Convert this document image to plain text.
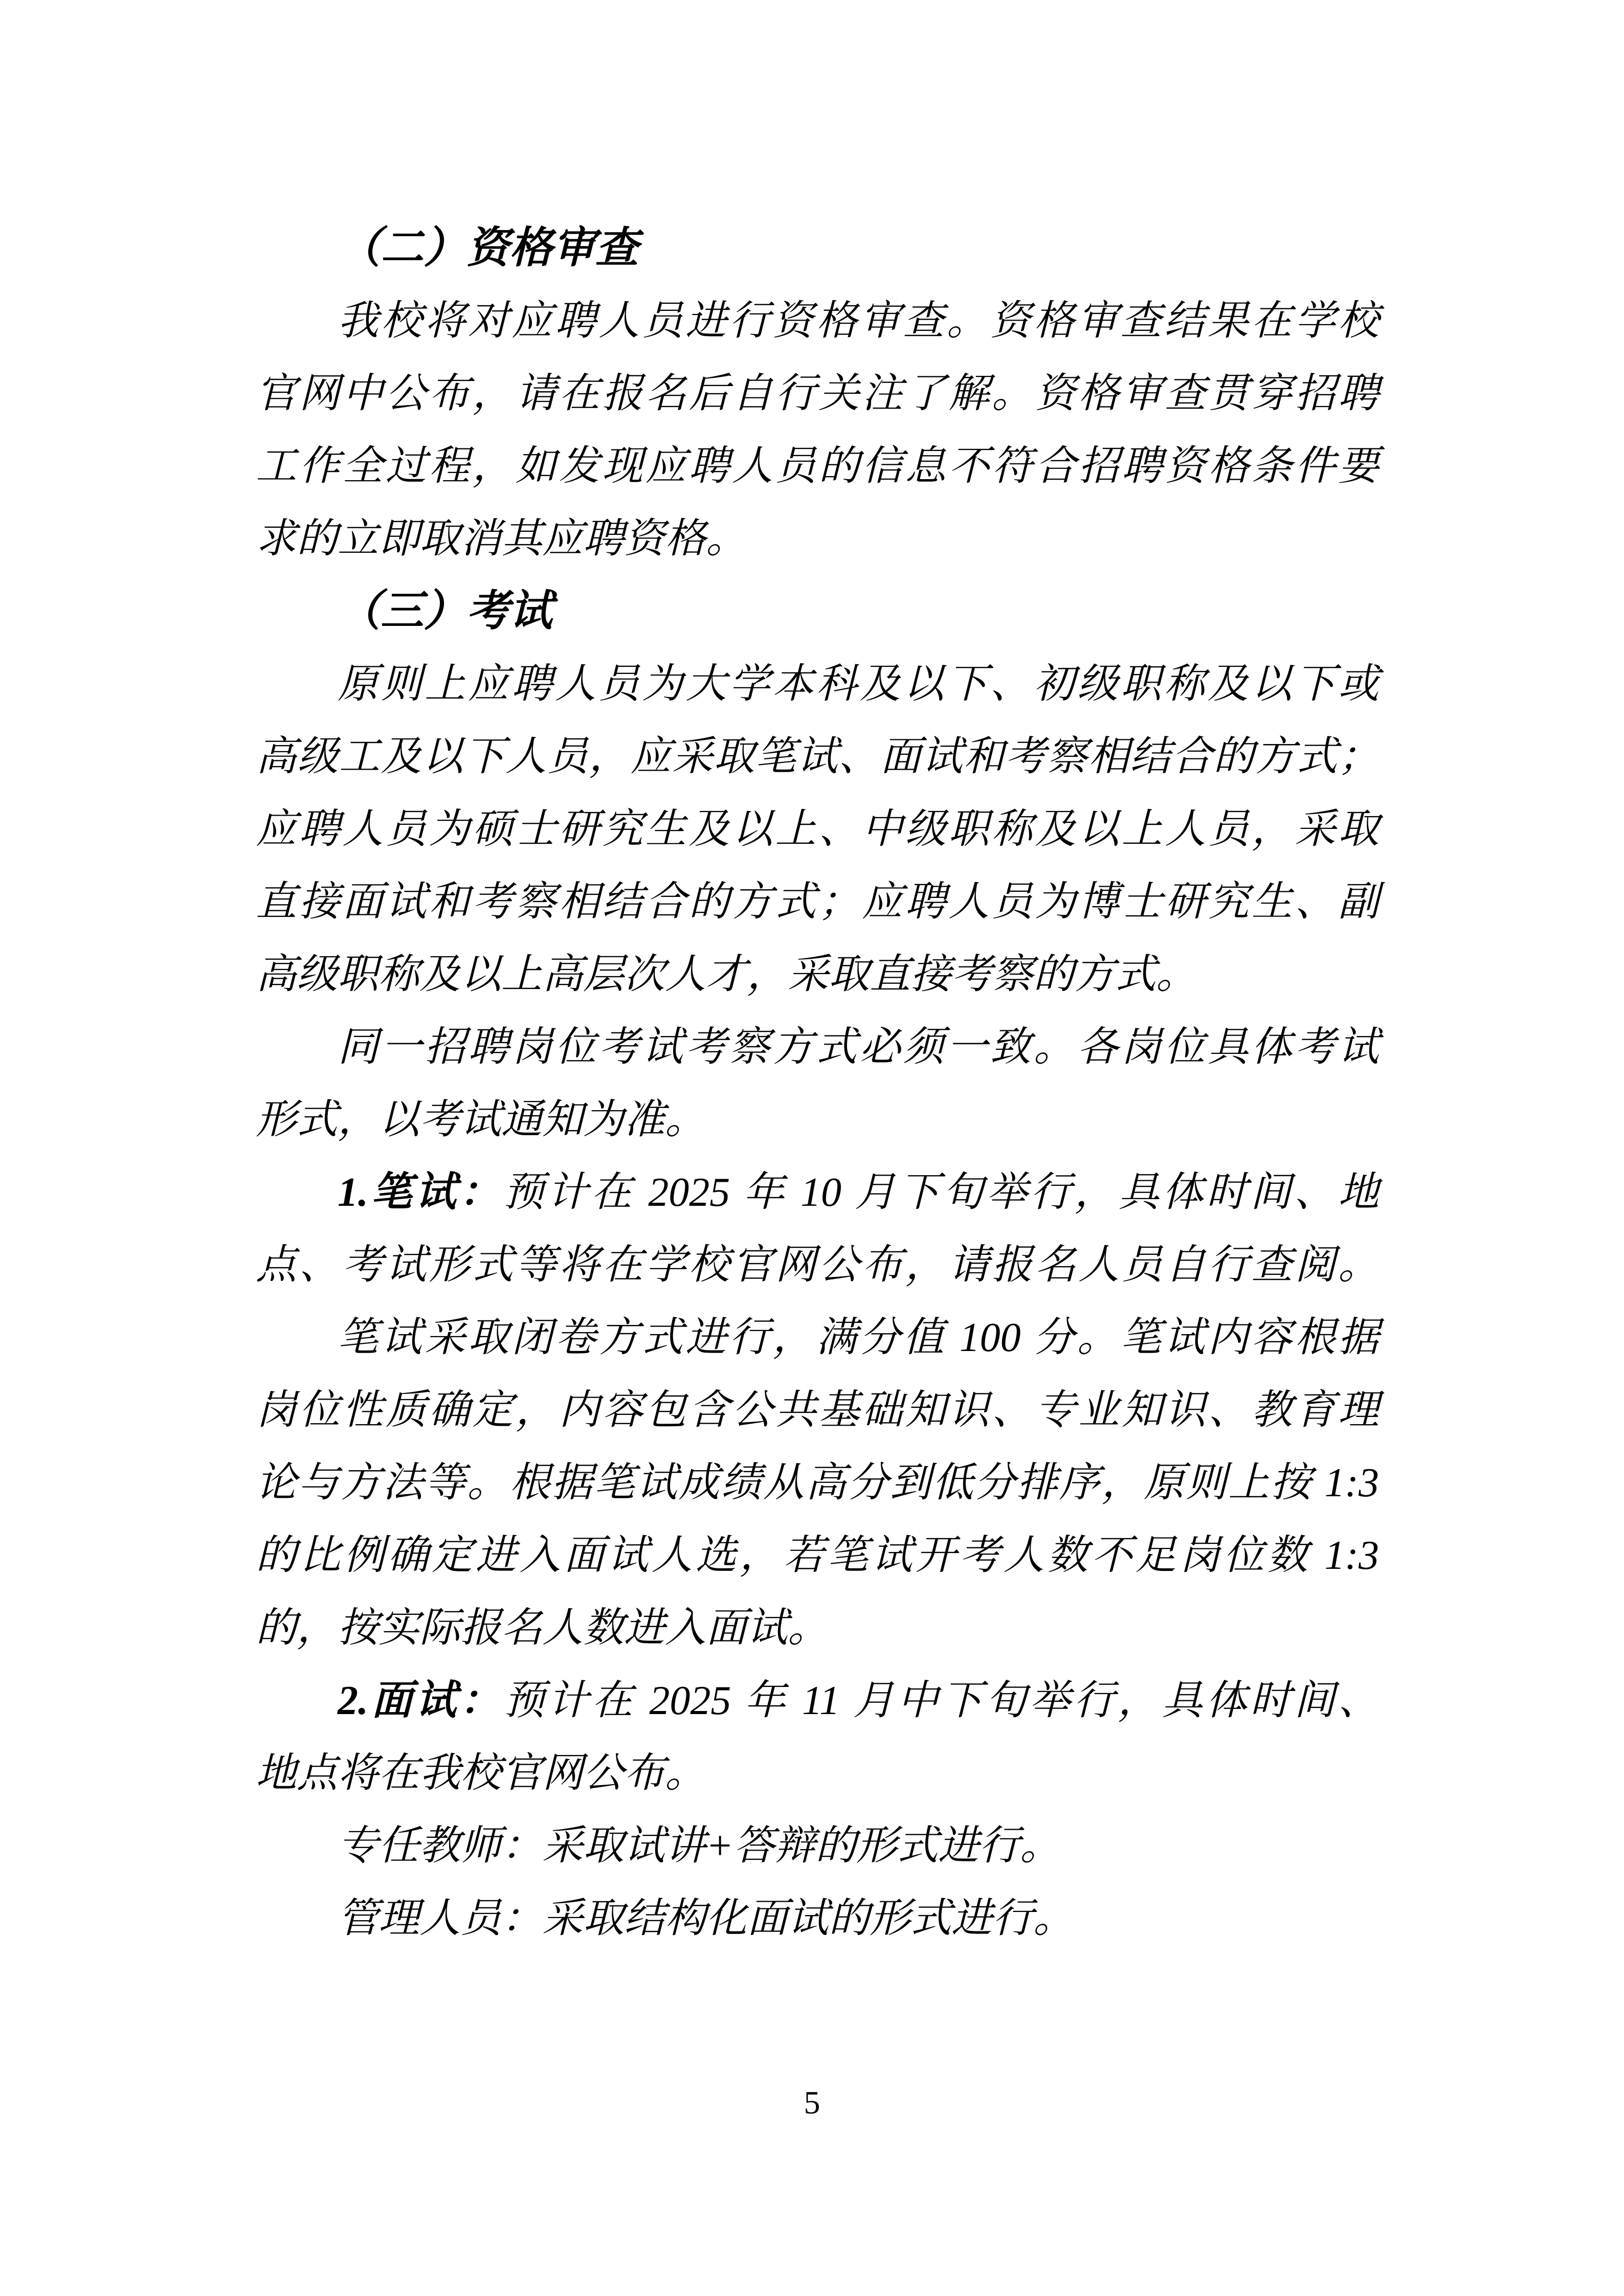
（二）资格审查
我校将对应聘人员进行资格审查。资格审查结果在学校
官网中公布，请在报名后自行关注了解。资格审查贯穿招聘
工作全过程，如发现应聘人员的信息不符合招聘资格条件要
求的立即取消其应聘资格。
（三）考试
原则上应聘人员为大学本科及以下、初级职称及以下或
高级工及以下人员，应采取笔试、面试和考察相结合的方式；
应聘人员为硕士研究生及以上、中级职称及以上人员，采取
直接面试和考察相结合的方式；应聘人员为博士研究生、副
高级职称及以上高层次人才，采取直接考察的方式。
同一招聘岗位考试考察方式必须一致。各岗位具体考试
形式，以考试通知为准。
1.笔试：预计在 2025 年 10 月下旬举行，具体时间、地
点、考试形式等将在学校官网公布，请报名人员自行查阅。
笔试采取闭卷方式进行，满分值 100 分。笔试内容根据
岗位性质确定，内容包含公共基础知识、专业知识、教育理
论与方法等。根据笔试成绩从高分到低分排序，原则上按 1:3
的比例确定进入面试人选，若笔试开考人数不足岗位数 1:3
的，按实际报名人数进入面试。
2.面试：预计在 2025 年 11 月中下旬举行，具体时间、
地点将在我校官网公布。
专任教师：采取试讲+答辩的形式进行。
管理人员：采取结构化面试的形式进行。
5
